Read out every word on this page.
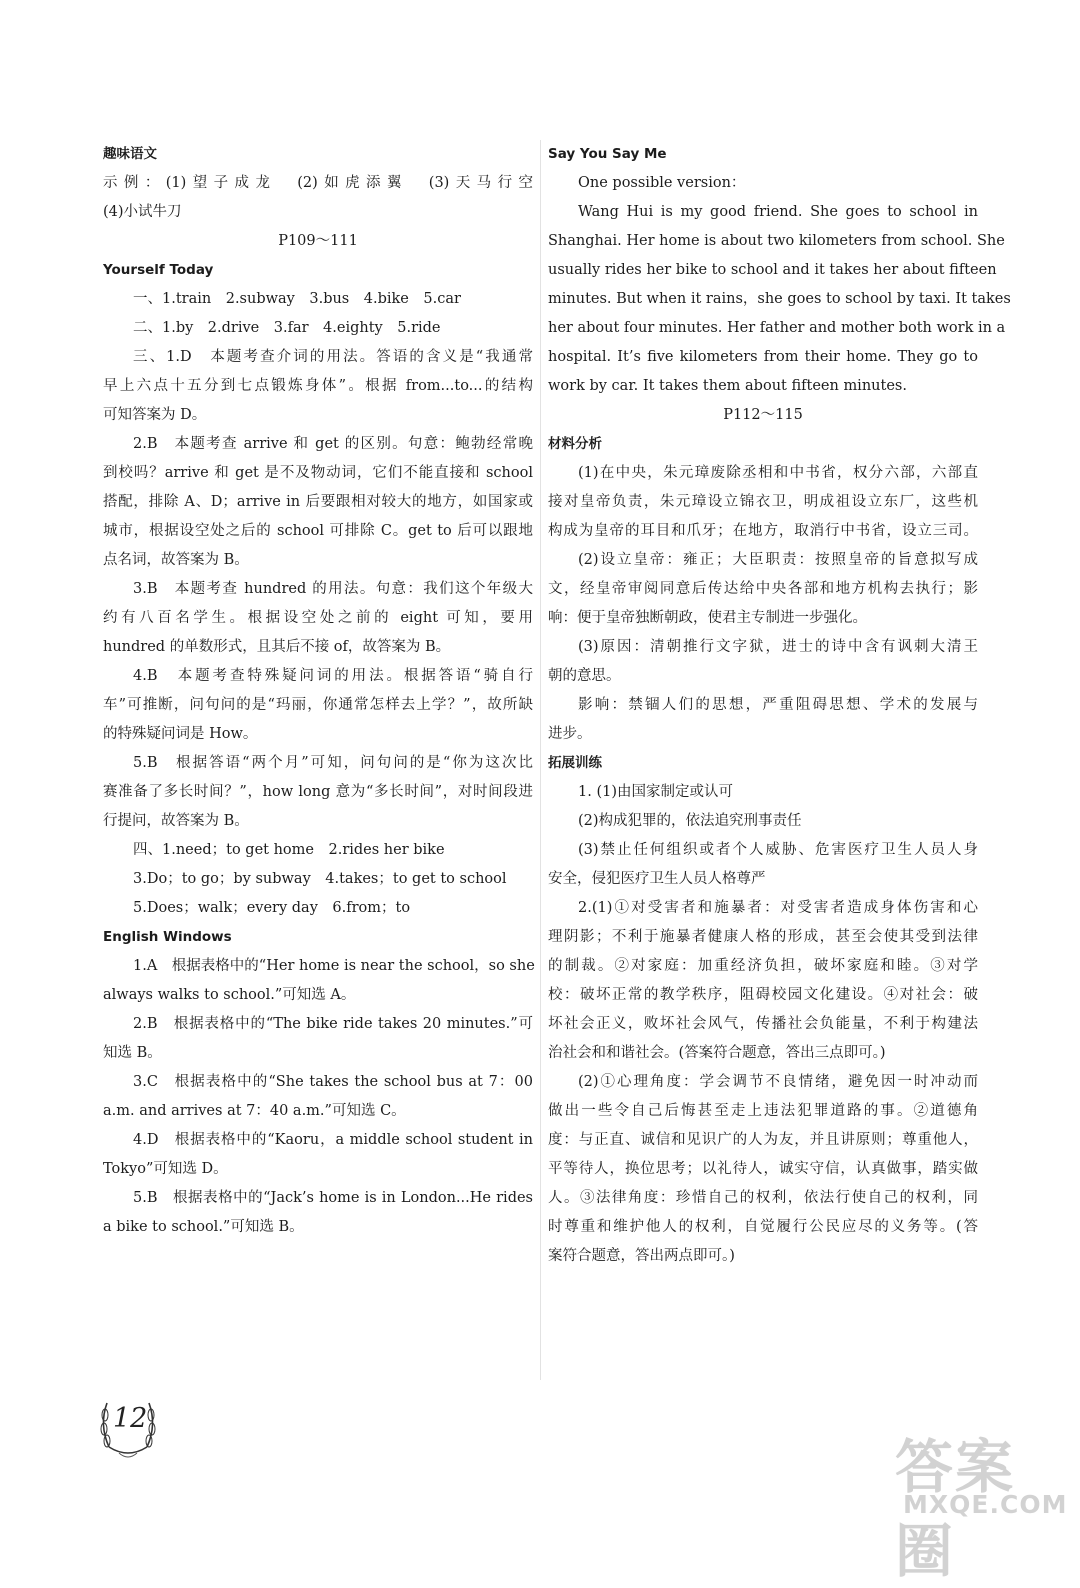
趣味语文
示例：(1)望子成龙　(2)如虎添翼　(3)天马行空
(4)小试牛刀
P109～111
Yourself Today
一、1.train　2.subway　3.bus　4.bike　5.car
二、1.by　2.drive　3.far　4.eighty　5.ride
三、1.D　本题考查介词的用法。答语的含义是“我通常
早上六点十五分到七点锻炼身体”。根据 from...to...的结构
可知答案为 D。
2.B　本题考查 arrive 和 get 的区别。句意：鲍勃经常晚
到校吗？arrive 和 get 是不及物动词，它们不能直接和 school
搭配，排除 A、D；arrive in 后要跟相对较大的地方，如国家或
城市，根据设空处之后的 school 可排除 C。get to 后可以跟地
点名词，故答案为 B。
3.B　本题考查 hundred 的用法。句意：我们这个年级大
约有八百名学生。根据设空处之前的 eight 可知，要用
hundred 的单数形式，且其后不接 of，故答案为 B。
4.B　本题考查特殊疑问词的用法。根据答语“骑自行
车”可推断，问句问的是“玛丽，你通常怎样去上学？”，故所缺
的特殊疑问词是 How。
5.B　根据答语“两个月”可知，问句问的是“你为这次比
赛准备了多长时间？”，how long 意为“多长时间”，对时间段进
行提问，故答案为 B。
四、1.need；to get home　2.rides her bike
3.Do；to go；by subway　4.takes；to get to school
5.Does；walk；every day　6.from；to
English Windows
1.A　根据表格中的“Her home is near the school，so she
always walks to school.”可知选 A。
2.B　根据表格中的“The bike ride takes 20 minutes.”可
知选 B。
3.C　根据表格中的“She takes the school bus at 7：00
a.m. and arrives at 7：40 a.m.”可知选 C。
4.D　根据表格中的“Kaoru，a middle school student in
Tokyo”可知选 D。
5.B　根据表格中的“Jack’s home is in London...He rides
a bike to school.”可知选 B。
Say You Say Me
One possible version：
Wang Hui is my good friend. She goes to school in
Shanghai. Her home is about two kilometers from school. She
usually rides her bike to school and it takes her about fifteen
minutes. But when it rains，she goes to school by taxi. It takes
her about four minutes. Her father and mother both work in a
hospital. It’s five kilometers from their home. They go to
work by car. It takes them about fifteen minutes.
P112～115
材料分析
(1)在中央，朱元璋废除丞相和中书省，权分六部，六部直
接对皇帝负责，朱元璋设立锦衣卫，明成祖设立东厂，这些机
构成为皇帝的耳目和爪牙；在地方，取消行中书省，设立三司。
(2)设立皇帝：雍正；大臣职责：按照皇帝的旨意拟写成
文，经皇帝审阅同意后传达给中央各部和地方机构去执行；影
响：便于皇帝独断朝政，使君主专制进一步强化。
(3)原因：清朝推行文字狱，进士的诗中含有讽刺大清王
朝的意思。
影响：禁锢人们的思想，严重阻碍思想、学术的发展与
进步。
拓展训练
1. (1)由国家制定或认可
(2)构成犯罪的，依法追究刑事责任
(3)禁止任何组织或者个人威胁、危害医疗卫生人员人身
安全，侵犯医疗卫生人员人格尊严
2.(1)①对受害者和施暴者：对受害者造成身体伤害和心
理阴影；不利于施暴者健康人格的形成，甚至会使其受到法律
的制裁。②对家庭：加重经济负担，破坏家庭和睦。③对学
校：破坏正常的教学秩序，阻碍校园文化建设。④对社会：破
坏社会正义，败坏社会风气，传播社会负能量，不利于构建法
治社会和和谐社会。(答案符合题意，答出三点即可。)
(2)①心理角度：学会调节不良情绪，避免因一时冲动而
做出一些令自己后悔甚至走上违法犯罪道路的事。②道德角
度：与正直、诚信和见识广的人为友，并且讲原则；尊重他人，
平等待人，换位思考；以礼待人，诚实守信，认真做事，踏实做
人。③法律角度：珍惜自己的权利，依法行使自己的权利，同
时尊重和维护他人的权利，自觉履行公民应尽的义务等。(答
案符合题意，答出两点即可。)
12
答案圈
MXQE.COM
